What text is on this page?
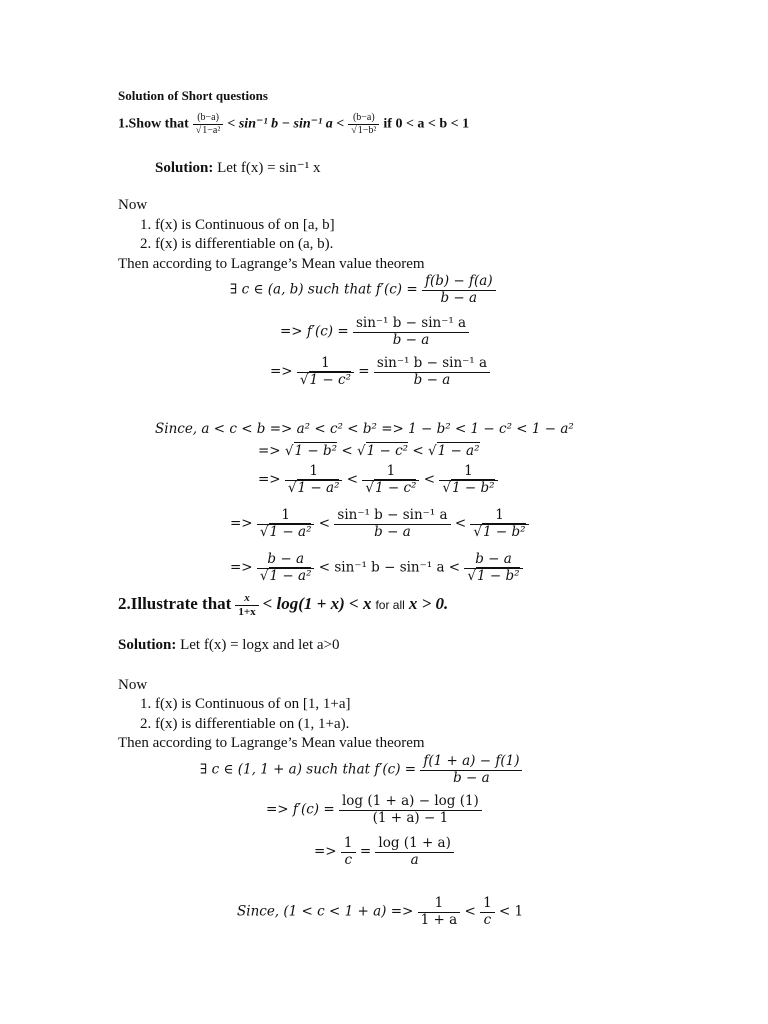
Solution of Short questions
1.Show that $\frac{(b-a)}{\text{√1−a²}} < \sin^{-1}$ b − sin⁻¹ $a < \frac{(b-a)}{\text{√1−b²}}$ if 0 < a < b < 1
Solution: Let f(x) = sin⁻¹ x
Now
1. f(x) is Continuous of on [a, b]
2. f(x) is differentiable on (a, b).
Then according to Lagrange’s Mean value theorem
∃ c ∈ (a, b) such that $f'(c) = \frac{f(b) - f(a)}{b - a}$
=> $f'(c) = \frac{\text{sin⁻¹ b − sin⁻¹ a}}{b - a}$
=> $\frac{1}{\text{√1 − c²}} = \frac{\text{sin⁻¹ b − sin⁻¹ a}}{b - a}$
Since, a < c < b => a² < c² < b² => 1 − b² < 1 − c² < 1 − a²
=> √1 − b² < √1 − c² < √1 − a²
=> $\frac{1}{\text{√1 − a²}} < \frac{1}{\text{√1 − c²}} < \frac{1}{\text{√1 − b²}}$
=> $\frac{1}{\text{√1 − a²}} < \frac{\text{sin⁻¹ b − sin⁻¹ a}}{b - a} < \frac{1}{\text{√1 − b²}}$
=> $\frac{b - a}{\text{√1 − a²}} < \sin^{-1}$ b − sin⁻¹ $a < \frac{b - a}{\text{√1 − b²}}$
2.Illustrate that $\frac{x}{1+x} < \log(1 + x) < x$ for all x > 0.
Solution: Let f(x) = logx and let a>0
Now
1. f(x) is Continuous of on [1, 1+a]
2. f(x) is differentiable on (1, 1+a).
Then according to Lagrange’s Mean value theorem
∃ c ∈ (1, 1 + a) such that $f'(c) = \frac{f(1 + a) - f(1)}{b - a}$
=> $f'(c) = \frac{\log (1 + a) - \log (1)}{(1 + a) - 1}$
=> $\frac{1}{c} = \frac{\log (1 + a)}{a}$
Since, $(1 < c < 1 + a) => \frac{1}{1 + a} < \frac{1}{c} < 1$
